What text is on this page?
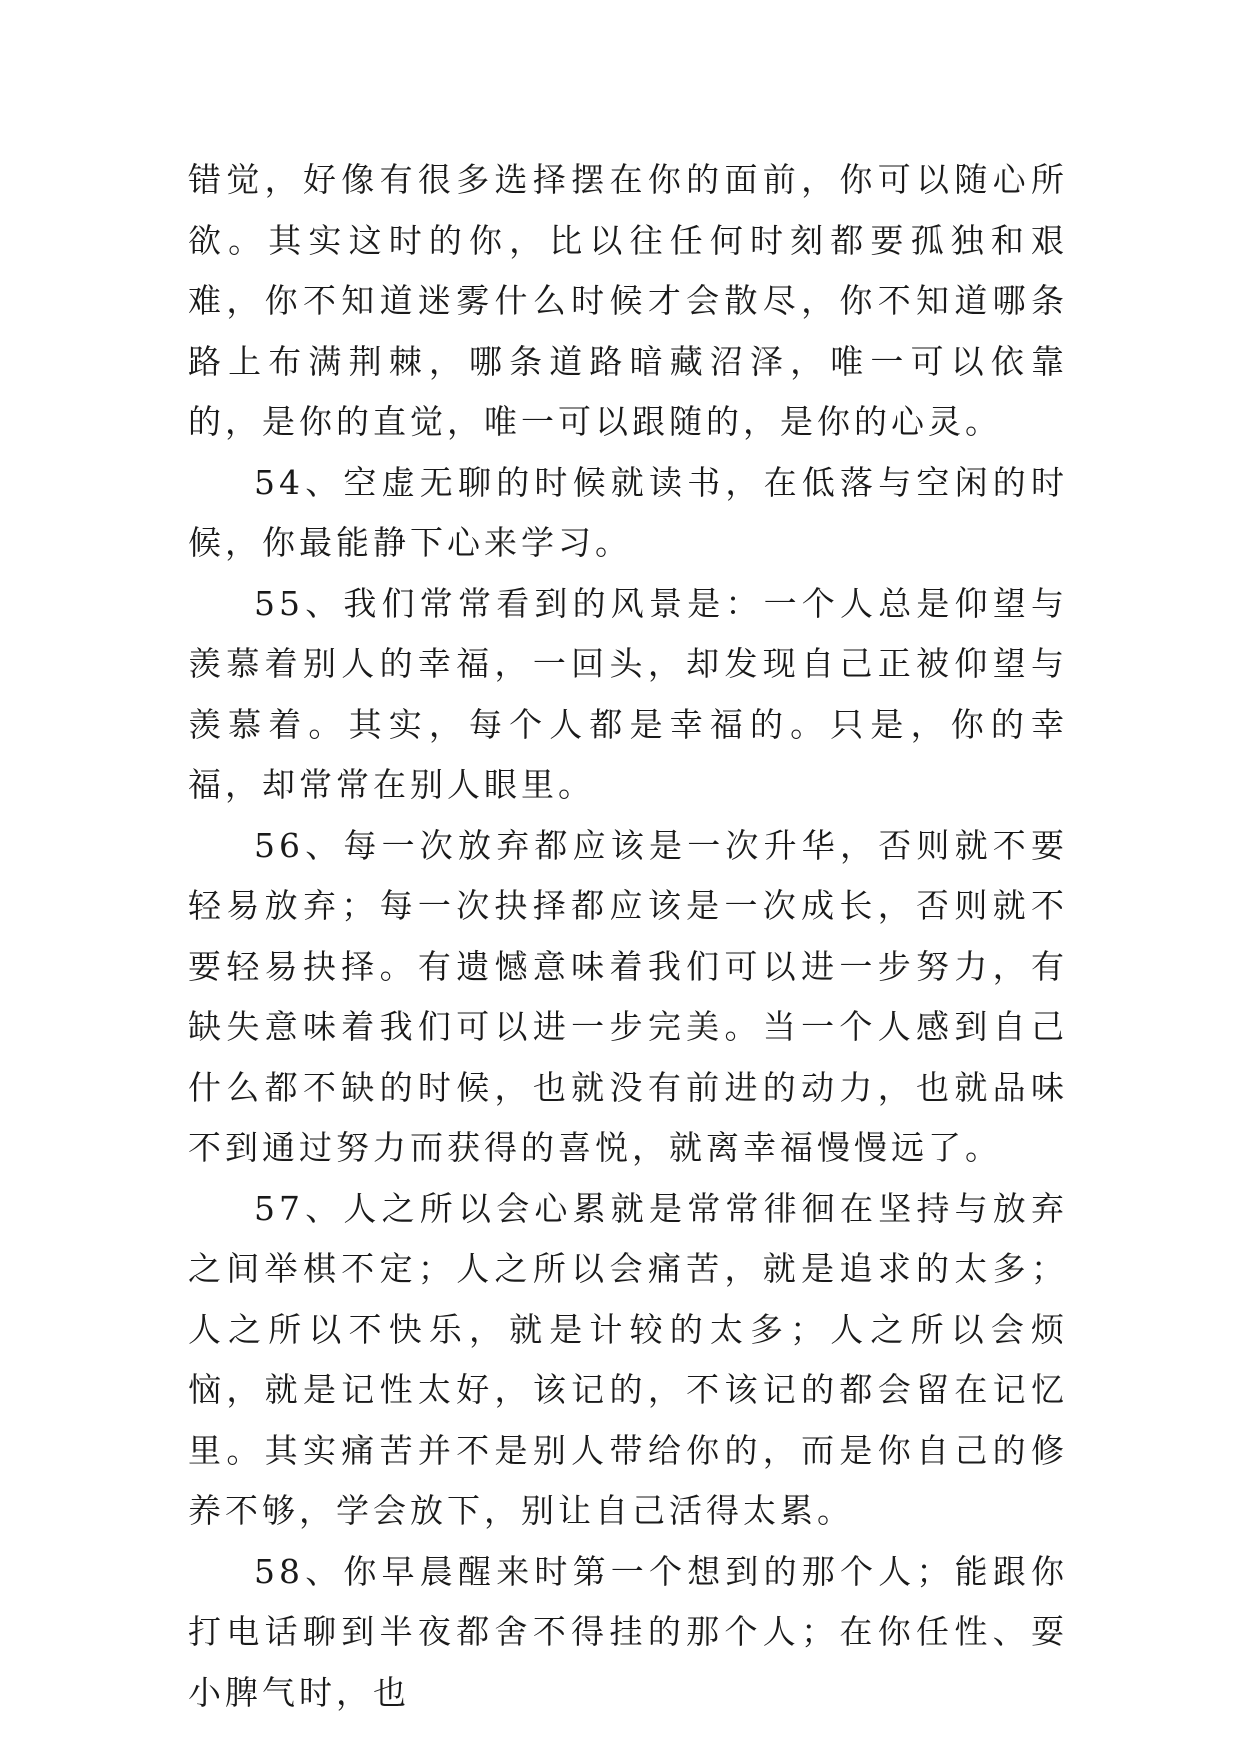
错觉，好像有很多选择摆在你的面前，你可以随心所欲。其实这时的你，比以往任何时刻都要孤独和艰难，你不知道迷雾什么时候才会散尽，你不知道哪条路上布满荆棘，哪条道路暗藏沼泽，唯一可以依靠的，是你的直觉，唯一可以跟随的，是你的心灵。

54、空虚无聊的时候就读书，在低落与空闲的时候，你最能静下心来学习。

55、我们常常看到的风景是：一个人总是仰望与羡慕着别人的幸福，一回头，却发现自己正被仰望与羡慕着。其实，每个人都是幸福的。只是，你的幸福，却常常在别人眼里。

56、每一次放弃都应该是一次升华，否则就不要轻易放弃；每一次抉择都应该是一次成长，否则就不要轻易抉择。有遗憾意味着我们可以进一步努力，有缺失意味着我们可以进一步完美。当一个人感到自己什么都不缺的时候，也就没有前进的动力，也就品味不到通过努力而获得的喜悦，就离幸福慢慢远了。

57、人之所以会心累就是常常徘徊在坚持与放弃之间举棋不定；人之所以会痛苦，就是追求的太多；人之所以不快乐，就是计较的太多；人之所以会烦恼，就是记性太好，该记的，不该记的都会留在记忆里。其实痛苦并不是别人带给你的，而是你自己的修养不够，学会放下，别让自己活得太累。

58、你早晨醒来时第一个想到的那个人；能跟你打电话聊到半夜都舍不得挂的那个人；在你任性、耍小脾气时，也
